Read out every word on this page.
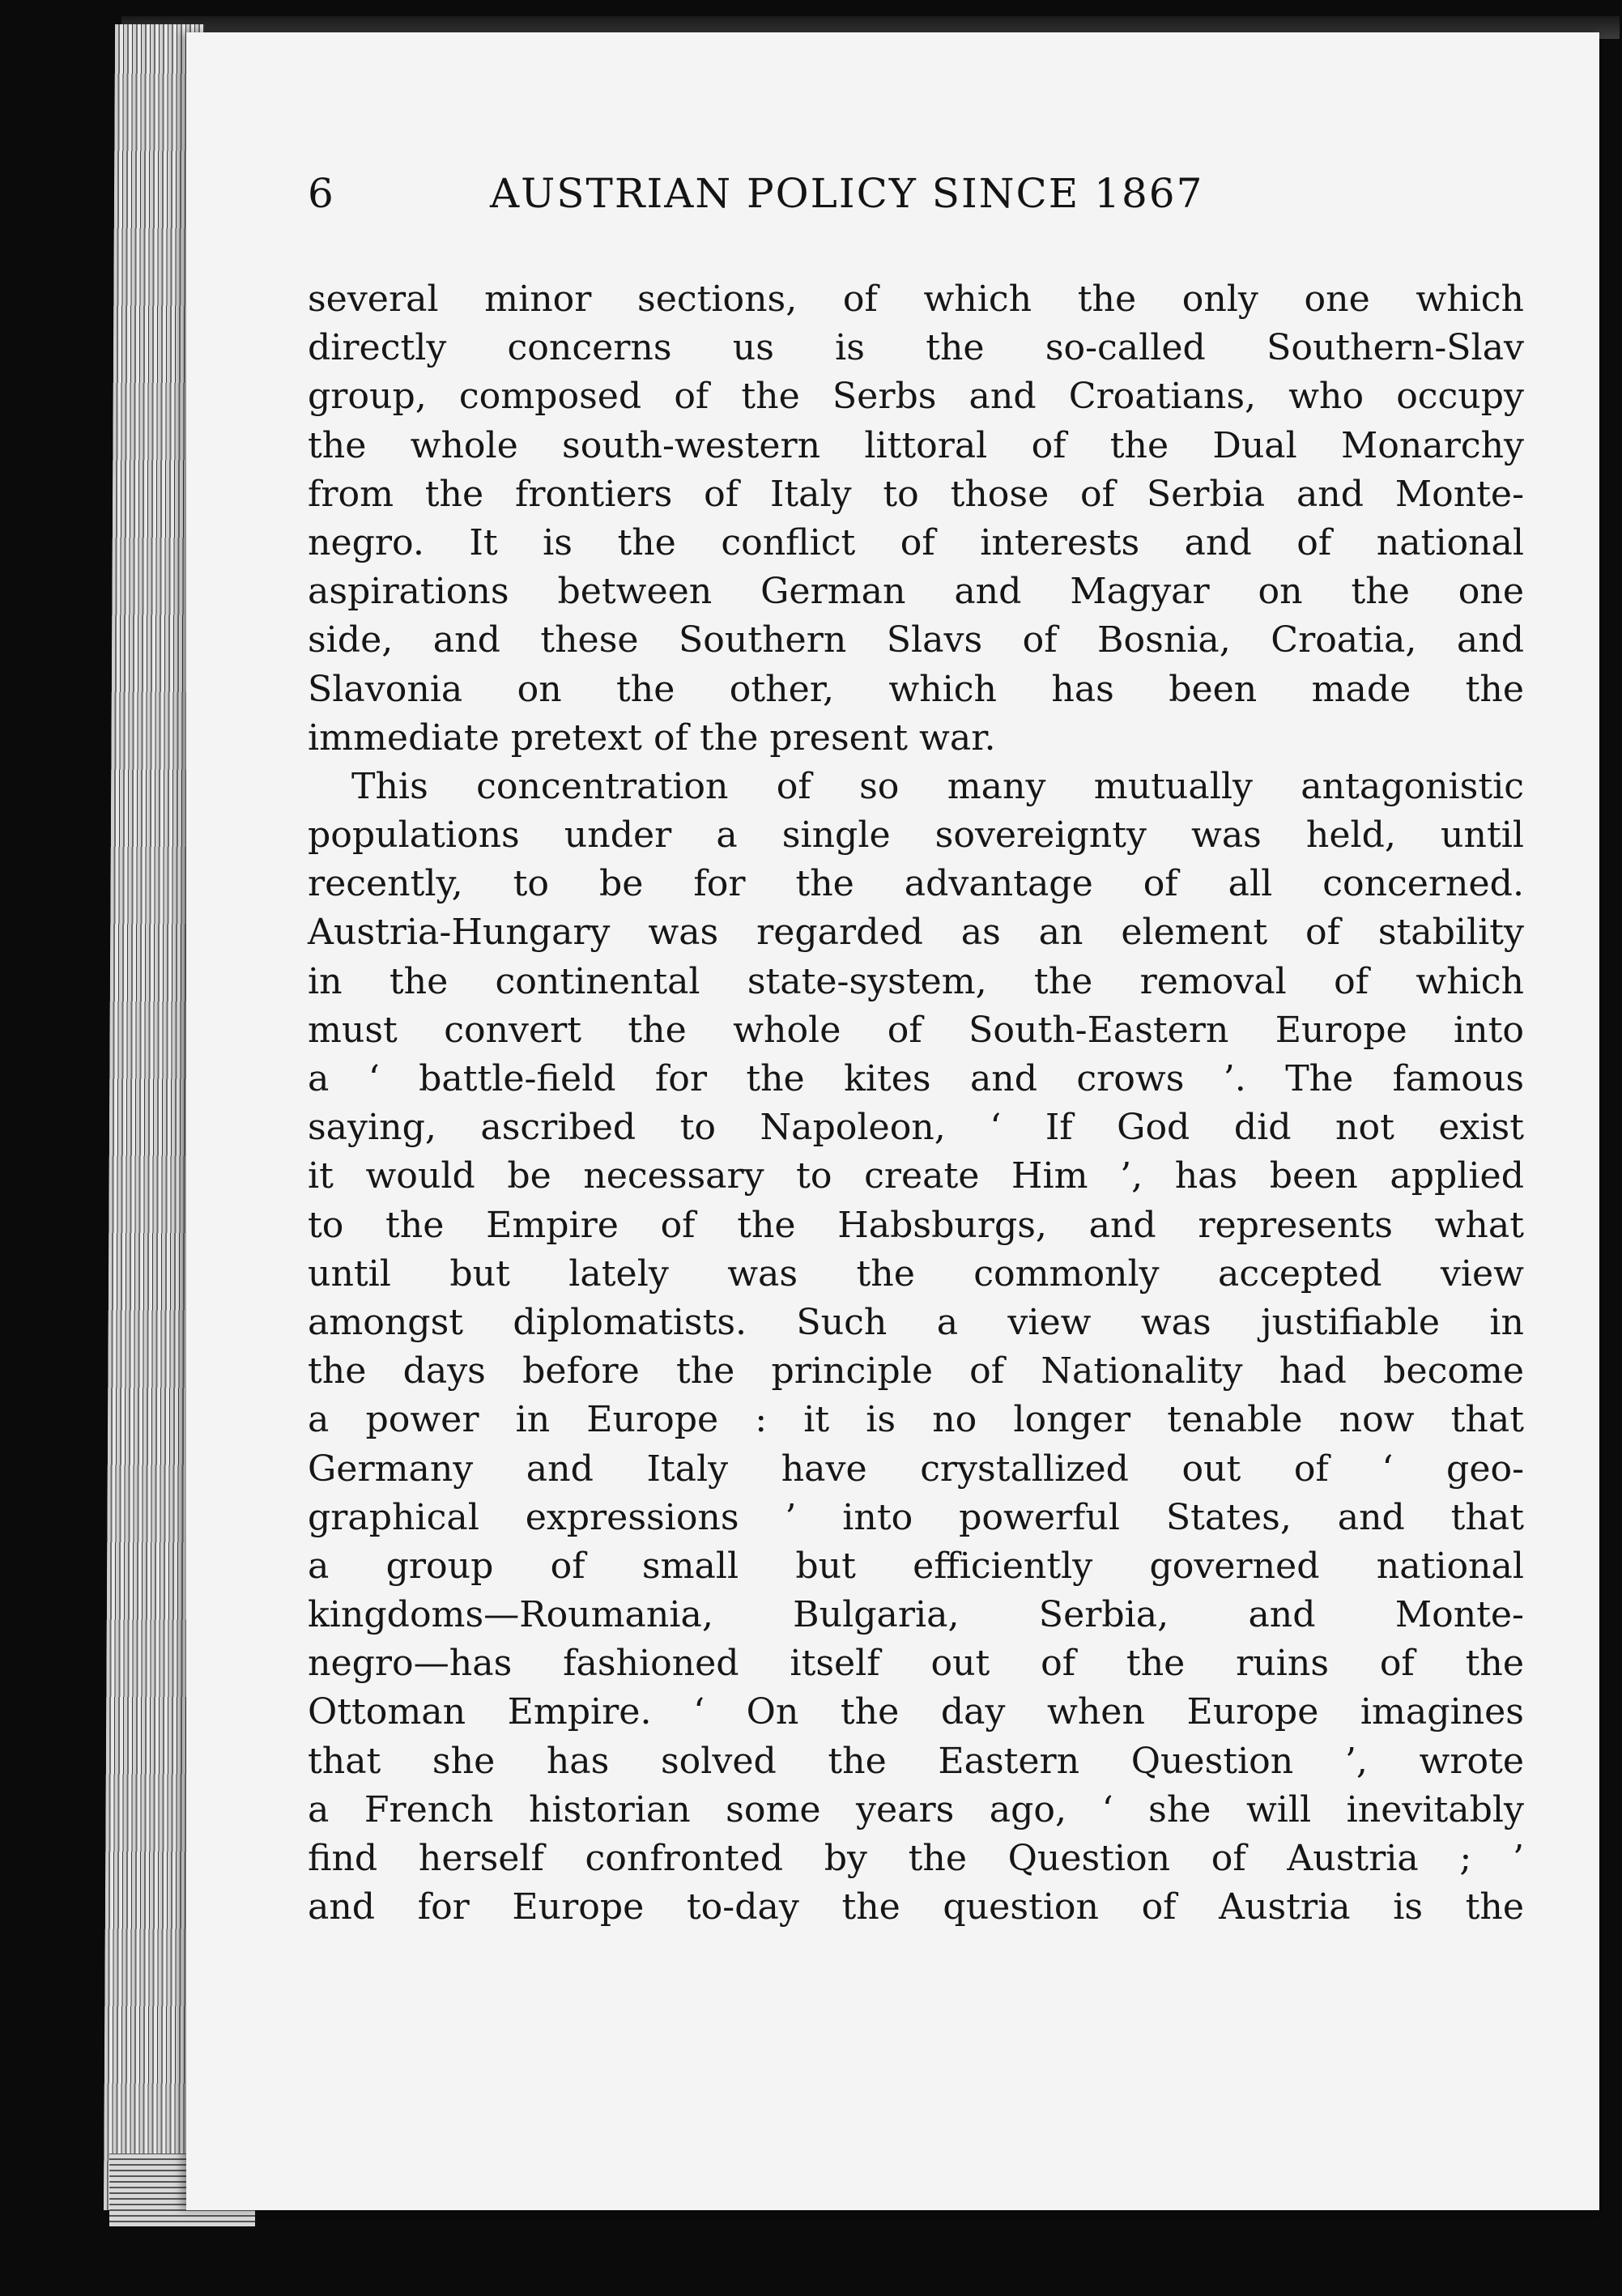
6	AUSTRIAN POLICY SINCE 1867
several minor sections, of which the only one which
directly concerns us is the so-called Southern-Slav
group, composed of the Serbs and Croatians, who occupy
the whole south-western littoral of the Dual Monarchy
from the frontiers of Italy to those of Serbia and Monte-
negro. It is the conflict of interests and of national
aspirations between German and Magyar on the one
side, and these Southern Slavs of Bosnia, Croatia, and
Slavonia on the other, which has been made the
immediate pretext of the present war.
This concentration of so many mutually antagonistic
populations under a single sovereignty was held, until
recently, to be for the advantage of all concerned.
Austria-Hungary was regarded as an element of stability
in the continental state-system, the removal of which
must convert the whole of South-Eastern Europe into
a ‘ battle-field for the kites and crows ’. The famous
saying, ascribed to Napoleon, ‘ If God did not exist
it would be necessary to create Him ’, has been applied
to the Empire of the Habsburgs, and represents what
until but lately was the commonly accepted view
amongst diplomatists. Such a view was justifiable in
the days before the principle of Nationality had become
a power in Europe : it is no longer tenable now that
Germany and Italy have crystallized out of ‘ geo-
graphical expressions ’ into powerful States, and that
a group of small but efficiently governed national
kingdoms—Roumania, Bulgaria, Serbia, and Monte-
negro—has fashioned itself out of the ruins of the
Ottoman Empire. ‘ On the day when Europe imagines
that she has solved the Eastern Question ’, wrote
a French historian some years ago, ‘ she will inevitably
find herself confronted by the Question of Austria ; ’
and for Europe to-day the question of Austria is the
